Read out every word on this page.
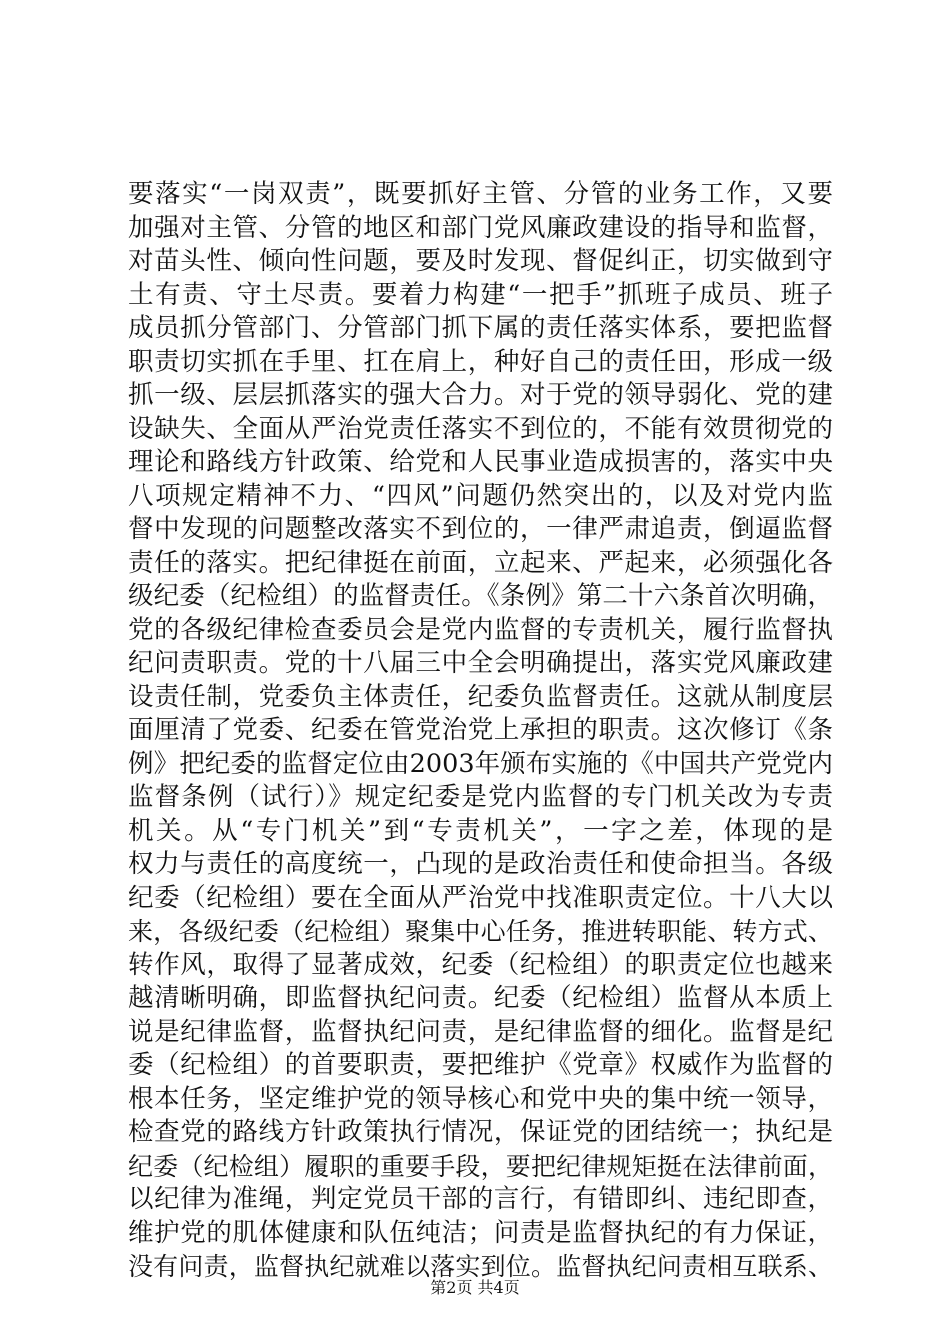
要落实“一岗双责”，既要抓好主管、分管的业务工作，又要
加强对主管、分管的地区和部门党风廉政建设的指导和监督，
对苗头性、倾向性问题，要及时发现、督促纠正，切实做到守
土有责、守土尽责。要着力构建“一把手”抓班子成员、班子
成员抓分管部门、分管部门抓下属的责任落实体系，要把监督
职责切实抓在手里、扛在肩上，种好自己的责任田，形成一级
抓一级、层层抓落实的强大合力。对于党的领导弱化、党的建
设缺失、全面从严治党责任落实不到位的，不能有效贯彻党的
理论和路线方针政策、给党和人民事业造成损害的，落实中央
八项规定精神不力、“四风”问题仍然突出的，以及对党内监
督中发现的问题整改落实不到位的，一律严肃追责，倒逼监督
责任的落实。把纪律挺在前面，立起来、严起来，必须强化各
级纪委（纪检组）的监督责任。《条例》第二十六条首次明确，
党的各级纪律检查委员会是党内监督的专责机关，履行监督执
纪问责职责。党的十八届三中全会明确提出，落实党风廉政建
设责任制，党委负主体责任，纪委负监督责任。这就从制度层
面厘清了党委、纪委在管党治党上承担的职责。这次修订《条
例》把纪委的监督定位由2003年颁布实施的《中国共产党党内
监督条例（试行）》规定纪委是党内监督的专门机关改为专责
机关。从“专门机关”到“专责机关”，一字之差，体现的是
权力与责任的高度统一，凸现的是政治责任和使命担当。各级
纪委（纪检组）要在全面从严治党中找准职责定位。十八大以
来，各级纪委（纪检组）聚集中心任务，推进转职能、转方式、
转作风，取得了显著成效，纪委（纪检组）的职责定位也越来
越清晰明确，即监督执纪问责。纪委（纪检组）监督从本质上
说是纪律监督，监督执纪问责，是纪律监督的细化。监督是纪
委（纪检组）的首要职责，要把维护《党章》权威作为监督的
根本任务，坚定维护党的领导核心和党中央的集中统一领导，
检查党的路线方针政策执行情况，保证党的团结统一；执纪是
纪委（纪检组）履职的重要手段，要把纪律规矩挺在法律前面，
以纪律为准绳，判定党员干部的言行，有错即纠、违纪即查，
维护党的肌体健康和队伍纯洁；问责是监督执纪的有力保证，
没有问责，监督执纪就难以落实到位。监督执纪问责相互联系、
第2页 共4页
